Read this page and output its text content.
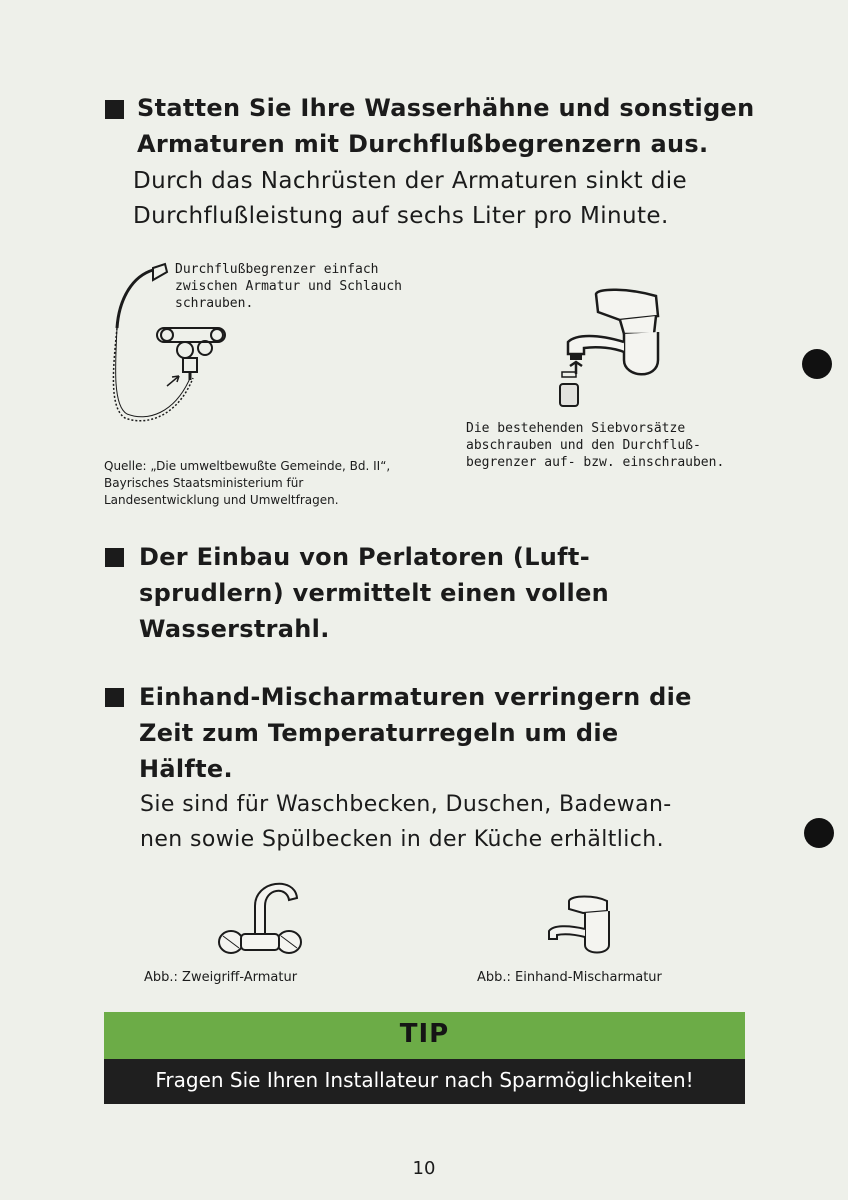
Statten Sie Ihre Wasserhähne und sonstigen
Armaturen mit Durchflußbegrenzern aus.
Durch das Nachrüsten der Armaturen sinkt die
Durchflußleistung auf sechs Liter pro Minute.
Durchflußbegrenzer einfach
zwischen Armatur und Schlauch
schrauben.
Die bestehenden Siebvorsätze
abschrauben und den Durchfluß-
begrenzer auf- bzw. einschrauben.
Quelle: „Die umweltbewußte Gemeinde, Bd. II“,
Bayrisches Staatsministerium für
Landesentwicklung und Umweltfragen.
Der Einbau von Perlatoren (Luft-
sprudlern) vermittelt einen vollen
Wasserstrahl.
Einhand-Mischarmaturen verringern die
Zeit zum Temperaturregeln um die
Hälfte.
Sie sind für Waschbecken, Duschen, Badewan-
nen sowie Spülbecken in der Küche erhältlich.
Abb.: Zweigriff-Armatur	Abb.: Einhand-Mischarmatur
TIP
Fragen Sie Ihren Installateur nach Sparmöglichkeiten!
10
